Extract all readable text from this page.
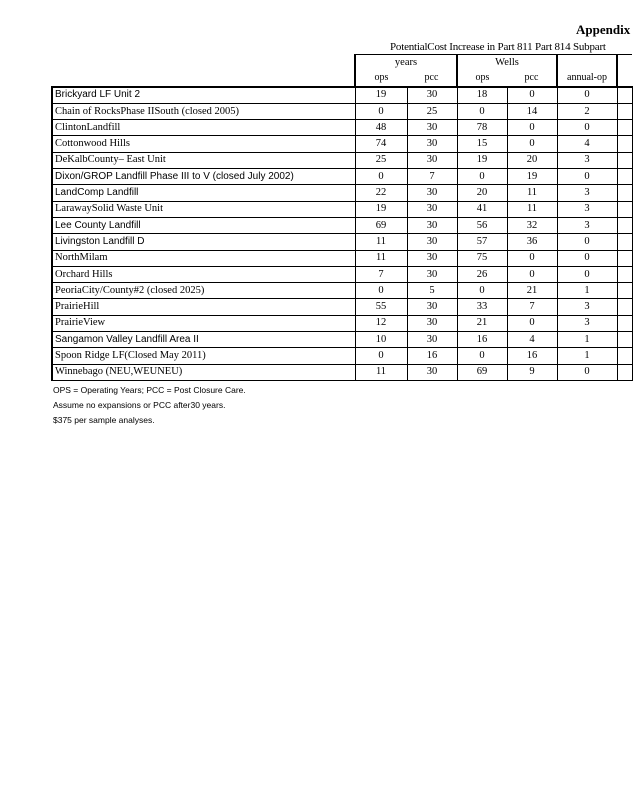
Appendix
PotentialCost Increase in Part 811 Part 814 Subpart
	years		Wells			
	ops	pcc	ops	pcc	annual-op	
Brickyard LF Unit 2	19	30	18	0	0	
Chain of RocksPhase IISouth (closed 2005)	0	25	0	14	2	
ClintonLandfill	48	30	78	0	0	
Cottonwood Hills	74	30	15	0	4	
DeKalbCounty– East Unit	25	30	19	20	3	
Dixon/GROP Landfill Phase III to V (closed July 2002)	0	7	0	19	0	
LandComp Landfill	22	30	20	11	3	
LarawaySolid Waste Unit	19	30	41	11	3	
Lee County Landfill	69	30	56	32	3	
Livingston Landfill D	11	30	57	36	0	
NorthMilam	11	30	75	0	0	
Orchard Hills	7	30	26	0	0	
PeoriaCity/County#2 (closed 2025)	0	5	0	21	1	
PrairieHill	55	30	33	7	3	
PrairieView	12	30	21	0	3	
Sangamon Valley Landfill Area II	10	30	16	4	1	
Spoon Ridge LF(Closed May 2011)	0	16	0	16	1	
Winnebago (NEU,WEUNEU)	11	30	69	9	0	
OPS = Operating Years; PCC = Post Closure Care.
Assume no expansions or PCC after30 years.
$375 per sample analyses.
